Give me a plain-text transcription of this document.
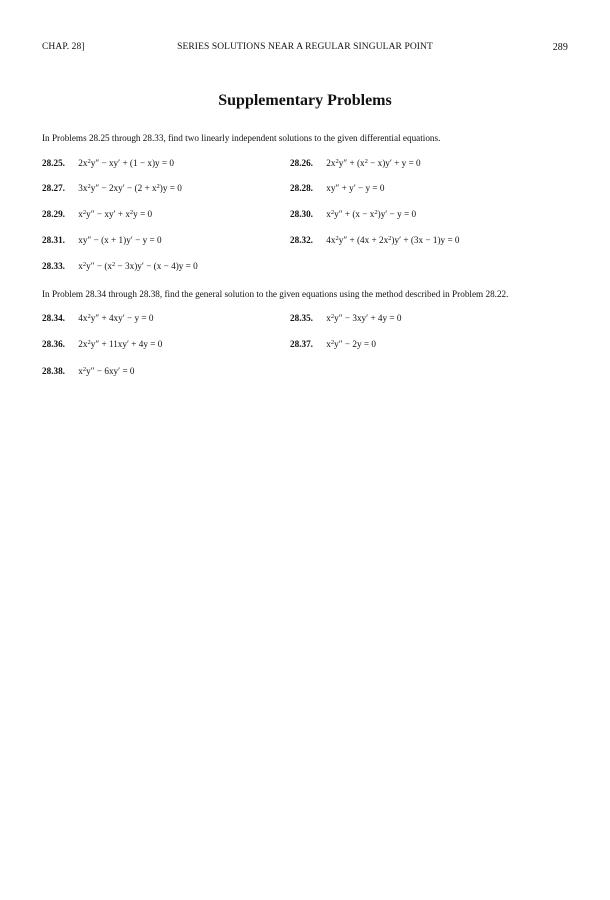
CHAP. 28]	SERIES SOLUTIONS NEAR A REGULAR SINGULAR POINT	289
Supplementary Problems
In Problems 28.25 through 28.33, find two linearly independent solutions to the given differential equations.
28.25. $2x^2y'' - xy' + (1 - x)y = 0$	28.26. $2x^2y'' + (x^2 - x)y' + y = 0$
28.27. $3x^2y'' - 2xy' - (2 + x^2)y = 0$	28.28. xy″ + y′ − y = 0
28.29. $x^2y'' - xy' + x^2y = 0$	28.30. $x^2y'' + (x - x^2)y' - y = 0$
28.31. xy″ − (x + 1)y′ − y = 0	28.32. $4x^2y'' + (4x + 2x^2)y' + (3x - 1)y = 0$
28.33. $x^2y'' - (x^2 - 3x)y' - (x - 4)y = 0$
In Problem 28.34 through 28.38, find the general solution to the given equations using the method described in Problem 28.22.
28.34. $4x^2y'' + 4xy' - y = 0$	28.35. $x^2y'' - 3xy' + 4y = 0$
28.36. $2x^2y'' + 11xy' + 4y = 0$	28.37. $x^2y'' - 2y = 0$
28.38. $x^2y'' - 6xy' = 0$
